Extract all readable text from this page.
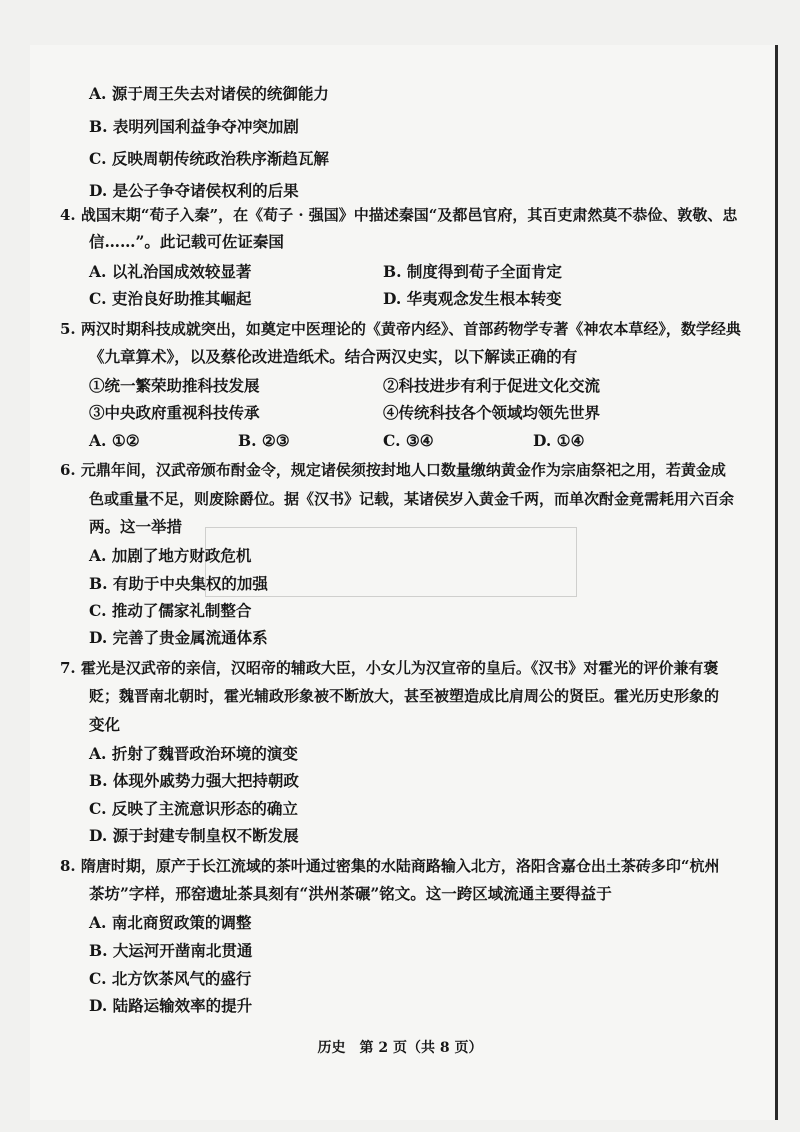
A. 源于周王失去对诸侯的统御能力
B. 表明列国利益争夺冲突加剧
C. 反映周朝传统政治秩序渐趋瓦解
D. 是公子争夺诸侯权利的后果
4. 战国末期“荀子入秦”，在《荀子 · 强国》中描述秦国“及都邑官府，其百吏肃然莫不恭俭、敦敬、忠
信……”。此记载可佐证秦国
A. 以礼治国成效较显著	B. 制度得到荀子全面肯定
C. 吏治良好助推其崛起	D. 华夷观念发生根本转变
5. 两汉时期科技成就突出，如奠定中医理论的《黄帝内经》、首部药物学专著《神农本草经》，数学经典
《九章算术》，以及蔡伦改进造纸术。结合两汉史实，以下解读正确的有
①统一繁荣助推科技发展	②科技进步有利于促进文化交流
③中央政府重视科技传承	④传统科技各个领域均领先世界
A. ①②	B. ②③	C. ③④	D. ①④
6. 元鼎年间，汉武帝颁布酎金令，规定诸侯须按封地人口数量缴纳黄金作为宗庙祭祀之用，若黄金成
色或重量不足，则废除爵位。据《汉书》记载，某诸侯岁入黄金千两，而单次酎金竟需耗用六百余
两。这一举措
A. 加剧了地方财政危机
B. 有助于中央集权的加强
C. 推动了儒家礼制整合
D. 完善了贵金属流通体系
7. 霍光是汉武帝的亲信，汉昭帝的辅政大臣，小女儿为汉宣帝的皇后。《汉书》对霍光的评价兼有褒
贬；魏晋南北朝时，霍光辅政形象被不断放大，甚至被塑造成比肩周公的贤臣。霍光历史形象的
变化
A. 折射了魏晋政治环境的演变
B. 体现外戚势力强大把持朝政
C. 反映了主流意识形态的确立
D. 源于封建专制皇权不断发展
8. 隋唐时期，原产于长江流域的茶叶通过密集的水陆商路输入北方，洛阳含嘉仓出土茶砖多印“杭州
茶坊”字样，邢窑遗址茶具刻有“洪州茶碾”铭文。这一跨区域流通主要得益于
A. 南北商贸政策的调整
B. 大运河开凿南北贯通
C. 北方饮茶风气的盛行
D. 陆路运输效率的提升
历史　第 2 页（共 8 页）
